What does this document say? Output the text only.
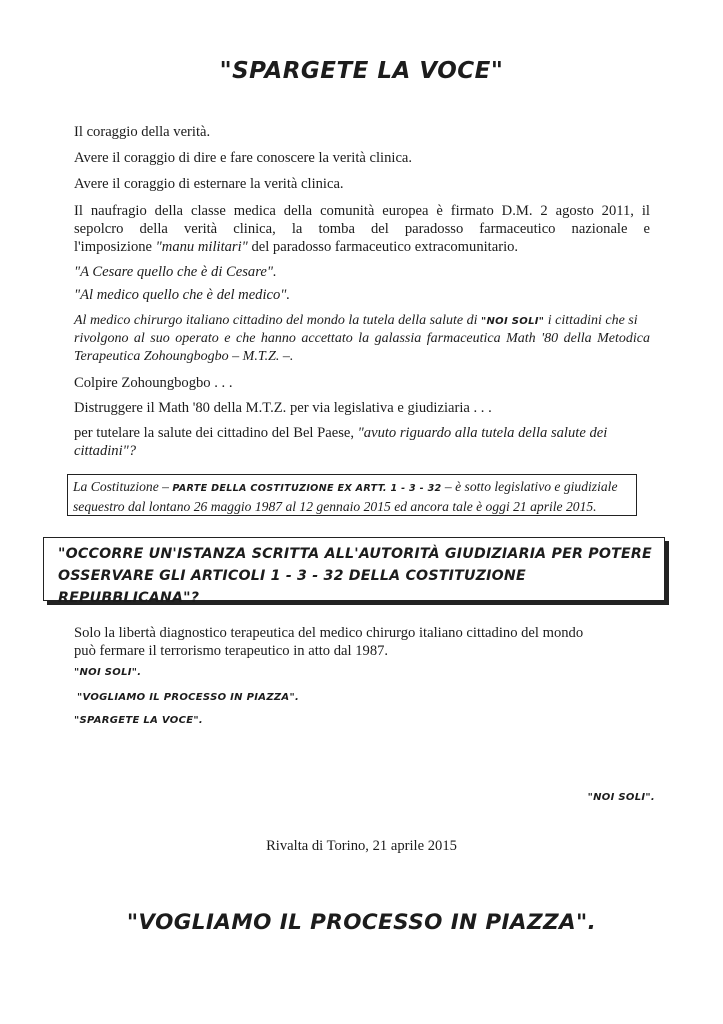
"SPARGETE LA VOCE"
Il coraggio della verità.
Avere il coraggio di dire e fare conoscere la verità clinica.
Avere il coraggio di esternare la verità clinica.
Il naufragio della classe medica della comunità europea è firmato D.M. 2 agosto 2011, il
sepolcro della verità clinica, la tomba del paradosso farmaceutico nazionale e
l'imposizione "manu militari" del paradosso farmaceutico extracomunitario.
"A Cesare quello che è di Cesare".
"Al medico quello che è del medico".
Al medico chirurgo italiano cittadino del mondo la tutela della salute di "NOI SOLI" i cittadini che si
rivolgono al suo operato e che hanno accettato la galassia farmaceutica Math '80 della Metodica
Terapeutica Zohoungbogbo – M.T.Z. –.
Colpire Zohoungbogbo . . .
Distruggere il Math '80 della M.T.Z. per via legislativa e giudiziaria . . .
per tutelare la salute dei cittadino del Bel Paese, "avuto riguardo alla tutela della salute dei
cittadini"?
La Costituzione – PARTE DELLA COSTITUZIONE EX ARTT. 1 - 3 - 32 – è sotto legislativo e giudiziale
sequestro dal lontano 26 maggio 1987 al 12 gennaio 2015 ed ancora tale è oggi 21 aprile 2015.
"OCCORRE UN'ISTANZA SCRITTA ALL'AUTORITÀ GIUDIZIARIA PER POTERE
OSSERVARE GLI ARTICOLI 1 - 3 - 32 DELLA COSTITUZIONE REPUBBLICANA"?
Solo la libertà diagnostico terapeutica del medico chirurgo italiano cittadino del mondo
può fermare il terrorismo terapeutico in atto dal 1987.
"NOI SOLI".
"VOGLIAMO IL PROCESSO IN PIAZZA".
"SPARGETE LA VOCE".
"NOI SOLI".
Rivalta di Torino, 21 aprile 2015
"VOGLIAMO IL PROCESSO IN PIAZZA".
